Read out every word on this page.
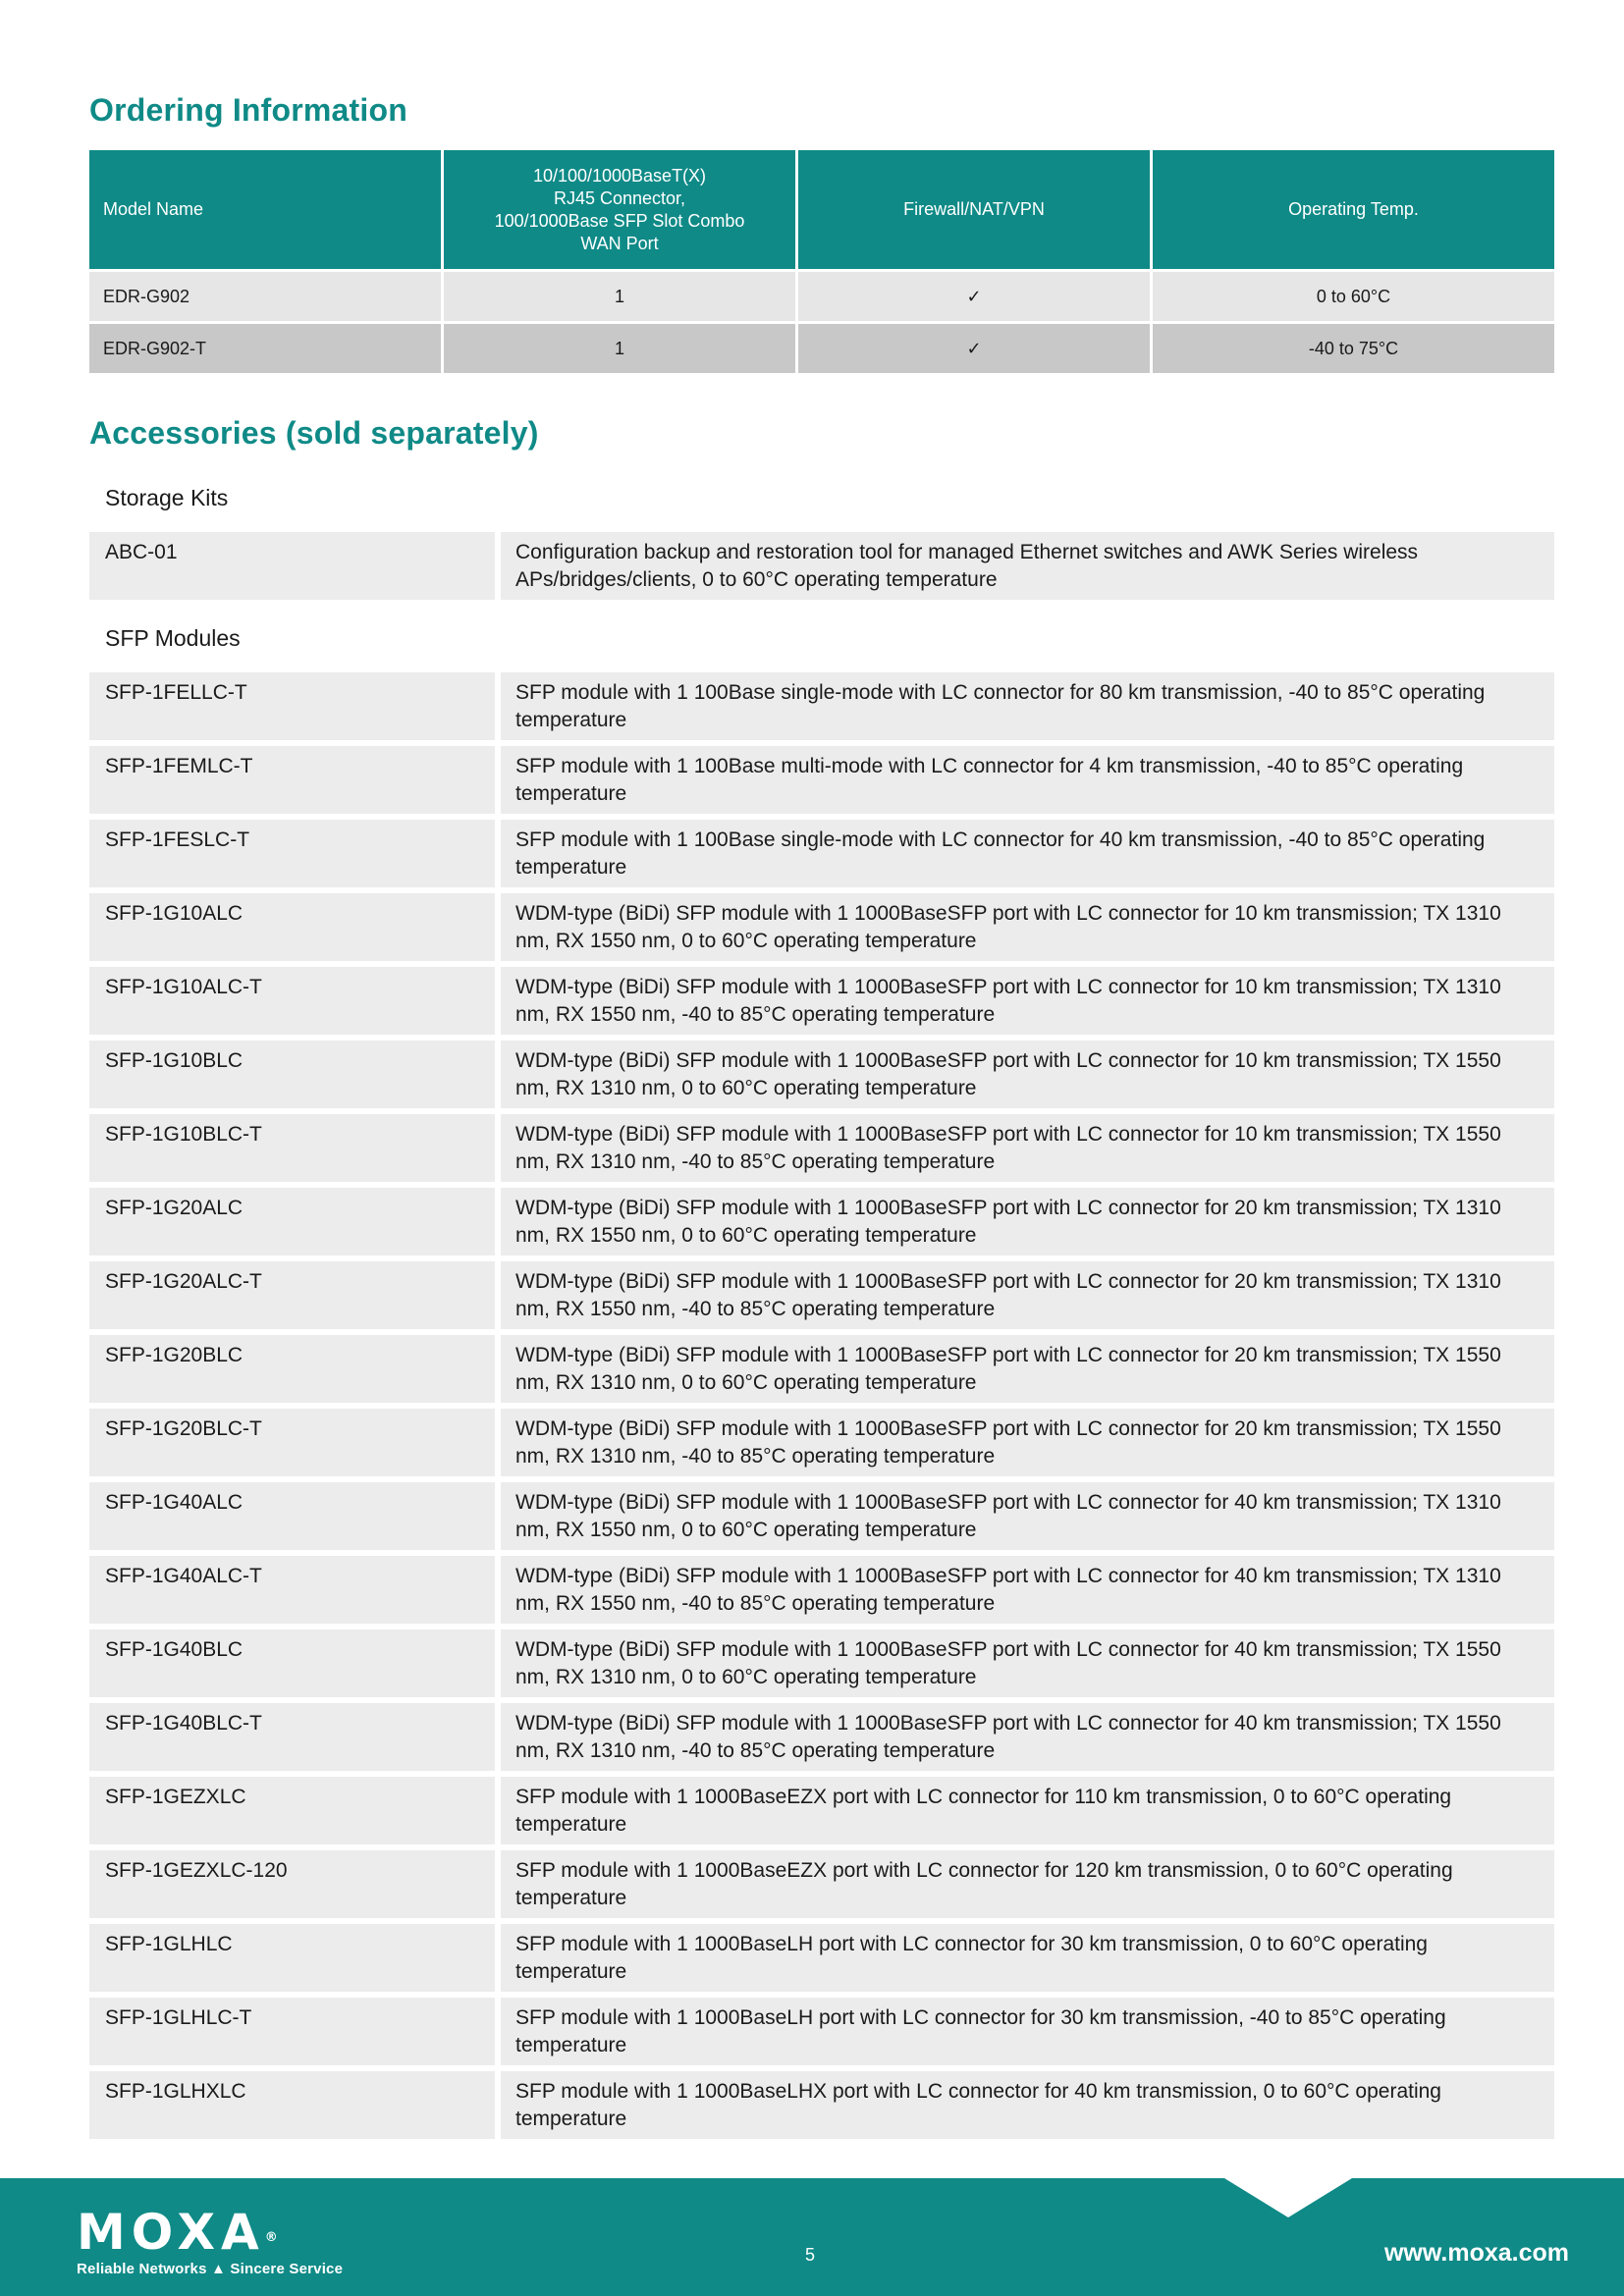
Ordering Information
Model Name	10/100/1000BaseT(X)
RJ45 Connector,
100/1000Base SFP Slot Combo
WAN Port	Firewall/NAT/VPN	Operating Temp.
EDR-G902	1	✓	0 to 60°C
EDR-G902-T	1	✓	-40 to 75°C
Accessories (sold separately)
Storage Kits
ABC-01	Configuration backup and restoration tool for managed Ethernet switches and AWK Series wireless APs/bridges/clients, 0 to 60°C operating temperature
SFP Modules
SFP-1FELLC-T	SFP module with 1 100Base single-mode with LC connector for 80 km transmission, -40 to 85°C operating temperature
SFP-1FEMLC-T	SFP module with 1 100Base multi-mode with LC connector for 4 km transmission, -40 to 85°C operating temperature
SFP-1FESLC-T	SFP module with 1 100Base single-mode with LC connector for 40 km transmission, -40 to 85°C operating temperature
SFP-1G10ALC	WDM-type (BiDi) SFP module with 1 1000BaseSFP port with LC connector for 10 km transmission; TX 1310 nm, RX 1550 nm, 0 to 60°C operating temperature
SFP-1G10ALC-T	WDM-type (BiDi) SFP module with 1 1000BaseSFP port with LC connector for 10 km transmission; TX 1310 nm, RX 1550 nm, -40 to 85°C operating temperature
SFP-1G10BLC	WDM-type (BiDi) SFP module with 1 1000BaseSFP port with LC connector for 10 km transmission; TX 1550 nm, RX 1310 nm, 0 to 60°C operating temperature
SFP-1G10BLC-T	WDM-type (BiDi) SFP module with 1 1000BaseSFP port with LC connector for 10 km transmission; TX 1550 nm, RX 1310 nm, -40 to 85°C operating temperature
SFP-1G20ALC	WDM-type (BiDi) SFP module with 1 1000BaseSFP port with LC connector for 20 km transmission; TX 1310 nm, RX 1550 nm, 0 to 60°C operating temperature
SFP-1G20ALC-T	WDM-type (BiDi) SFP module with 1 1000BaseSFP port with LC connector for 20 km transmission; TX 1310 nm, RX 1550 nm, -40 to 85°C operating temperature
SFP-1G20BLC	WDM-type (BiDi) SFP module with 1 1000BaseSFP port with LC connector for 20 km transmission; TX 1550 nm, RX 1310 nm, 0 to 60°C operating temperature
SFP-1G20BLC-T	WDM-type (BiDi) SFP module with 1 1000BaseSFP port with LC connector for 20 km transmission; TX 1550 nm, RX 1310 nm, -40 to 85°C operating temperature
SFP-1G40ALC	WDM-type (BiDi) SFP module with 1 1000BaseSFP port with LC connector for 40 km transmission; TX 1310 nm, RX 1550 nm, 0 to 60°C operating temperature
SFP-1G40ALC-T	WDM-type (BiDi) SFP module with 1 1000BaseSFP port with LC connector for 40 km transmission; TX 1310 nm, RX 1550 nm, -40 to 85°C operating temperature
SFP-1G40BLC	WDM-type (BiDi) SFP module with 1 1000BaseSFP port with LC connector for 40 km transmission; TX 1550 nm, RX 1310 nm, 0 to 60°C operating temperature
SFP-1G40BLC-T	WDM-type (BiDi) SFP module with 1 1000BaseSFP port with LC connector for 40 km transmission; TX 1550 nm, RX 1310 nm, -40 to 85°C operating temperature
SFP-1GEZXLC	SFP module with 1 1000BaseEZX port with LC connector for 110 km transmission, 0 to 60°C operating temperature
SFP-1GEZXLC-120	SFP module with 1 1000BaseEZX port with LC connector for 120 km transmission, 0 to 60°C operating temperature
SFP-1GLHLC	SFP module with 1 1000BaseLH port with LC connector for 30 km transmission, 0 to 60°C operating temperature
SFP-1GLHLC-T	SFP module with 1 1000BaseLH port with LC connector for 30 km transmission, -40 to 85°C operating temperature
SFP-1GLHXLC	SFP module with 1 1000BaseLHX port with LC connector for 40 km transmission, 0 to 60°C operating temperature
MOXA®
Reliable Networks ▲ Sincere Service
5	www.moxa.com
